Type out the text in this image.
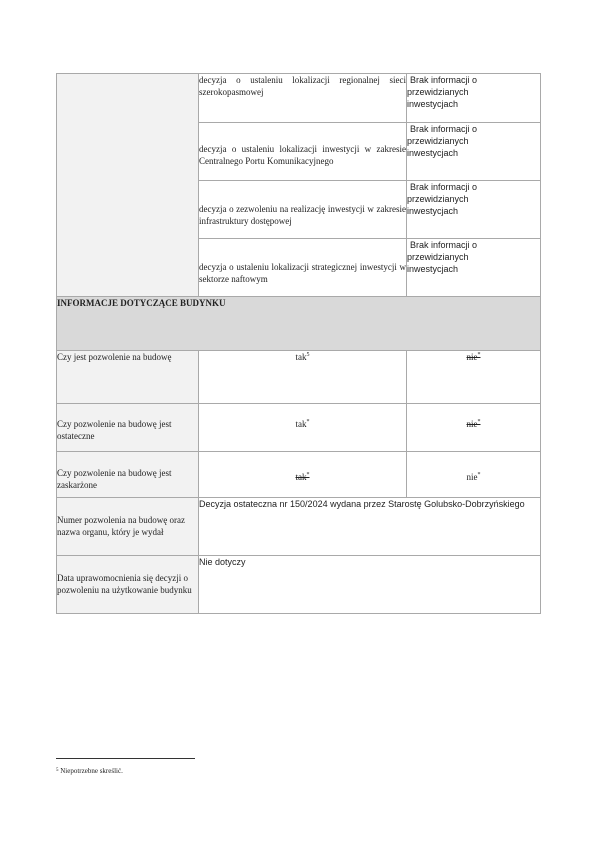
	decyzja o ustaleniu lokalizacji regionalnej sieci szerokopasmowej	Brak informacji o
przewidzianych
inwestycjach

	decyzja o ustaleniu lokalizacji inwestycji w zakresie Centralnego Portu Komunikacyjnego	Brak informacji o
przewidzianych
inwestycjach

	decyzja o zezwoleniu na realizację inwestycji w zakresie infrastruktury dostępowej	Brak informacji o
przewidzianych
inwestycjach

	decyzja o ustaleniu lokalizacji strategicznej inwestycji w sektorze naftowym	Brak informacji o
przewidzianych
inwestycjach

INFORMACJE DOTYCZĄCE BUDYNKU		
Czy jest pozwolenie na budowę	tak$^5$	nie*
Czy pozwolenie na budowę jest ostateczne	tak*	nie*
Czy pozwolenie na budowę jest zaskarżone	tak*	nie*
Numer pozwolenia na budowę oraz nazwa organu, który je wydał	Decyzja ostateczna nr 150/2024 wydana przez Starostę Golubsko-Dobrzyńskiego	
Data uprawomocnienia się decyzji o pozwoleniu na użytkowanie budynku	Nie dotyczy	
$^5$ Niepotrzebne skreślić.
